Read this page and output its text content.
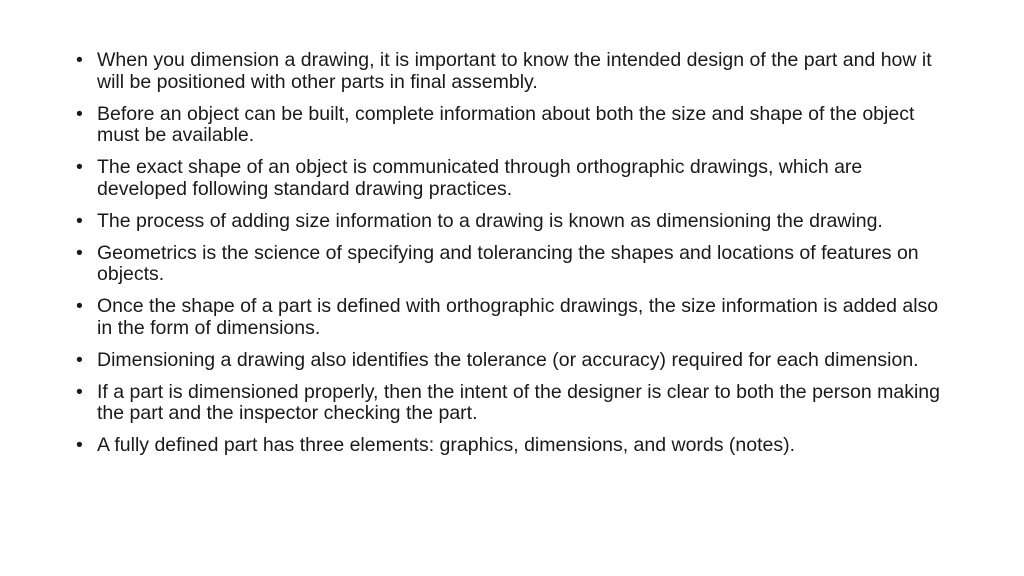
• When you dimension a drawing, it is important to know the intended design of the part and how it will be positioned with other parts in final assembly.
• Before an object can be built, complete information about both the size and shape of the object must be available.
• The exact shape of an object is communicated through orthographic drawings, which are developed following standard drawing practices.
• The process of adding size information to a drawing is known as dimensioning the drawing.
• Geometrics is the science of specifying and tolerancing the shapes and locations of features on objects.
• Once the shape of a part is defined with orthographic drawings, the size information is added also in the form of dimensions.
• Dimensioning a drawing also identifies the tolerance (or accuracy) required for each dimension.
• If a part is dimensioned properly, then the intent of the designer is clear to both the person making the part and the inspector checking the part.
• A fully defined part has three elements: graphics, dimensions, and words (notes).
